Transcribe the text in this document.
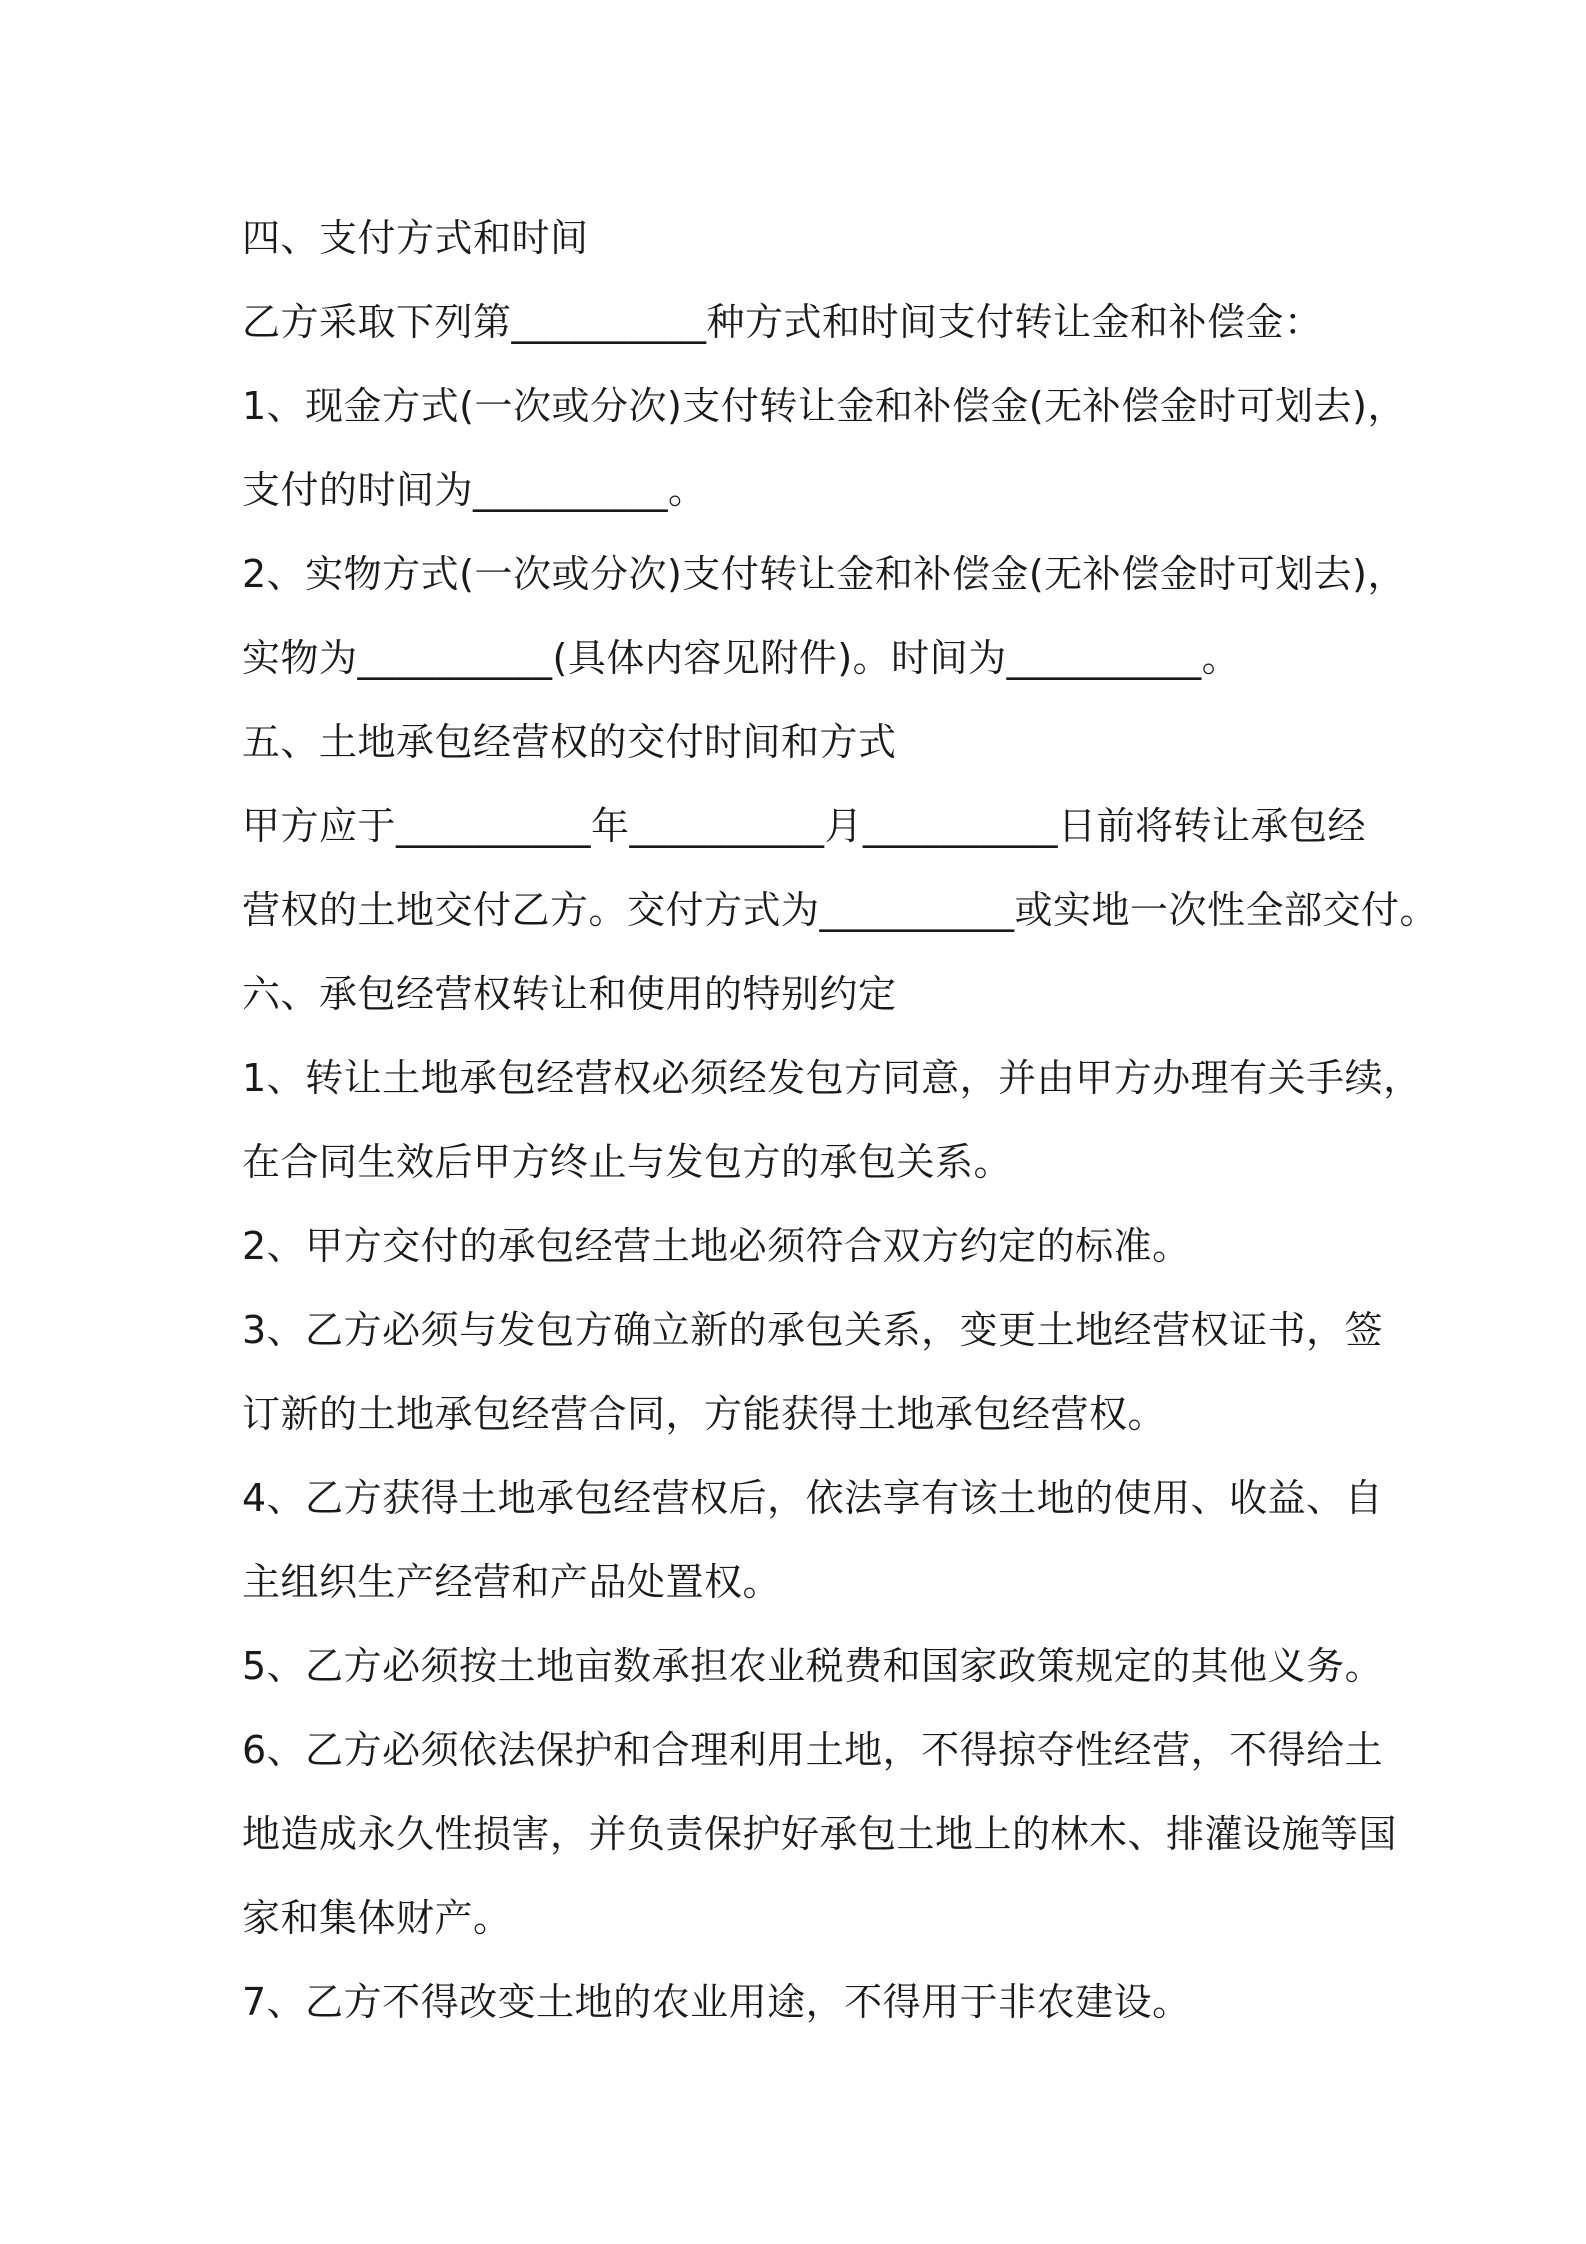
四、支付方式和时间
乙方采取下列第__________种方式和时间支付转让金和补偿金：
1、现金方式(一次或分次)支付转让金和补偿金(无补偿金时可划去)，
支付的时间为__________。
2、实物方式(一次或分次)支付转让金和补偿金(无补偿金时可划去)，
实物为__________(具体内容见附件)。时间为__________。
五、土地承包经营权的交付时间和方式
甲方应于__________年__________月__________日前将转让承包经
营权的土地交付乙方。交付方式为__________或实地一次性全部交付。
六、承包经营权转让和使用的特别约定
1、转让土地承包经营权必须经发包方同意，并由甲方办理有关手续，
在合同生效后甲方终止与发包方的承包关系。
2、甲方交付的承包经营土地必须符合双方约定的标准。
3、乙方必须与发包方确立新的承包关系，变更土地经营权证书，签
订新的土地承包经营合同，方能获得土地承包经营权。
4、乙方获得土地承包经营权后，依法享有该土地的使用、收益、自
主组织生产经营和产品处置权。
5、乙方必须按土地亩数承担农业税费和国家政策规定的其他义务。
6、乙方必须依法保护和合理利用土地，不得掠夺性经营，不得给土
地造成永久性损害，并负责保护好承包土地上的林木、排灌设施等国
家和集体财产。
7、乙方不得改变土地的农业用途，不得用于非农建设。
